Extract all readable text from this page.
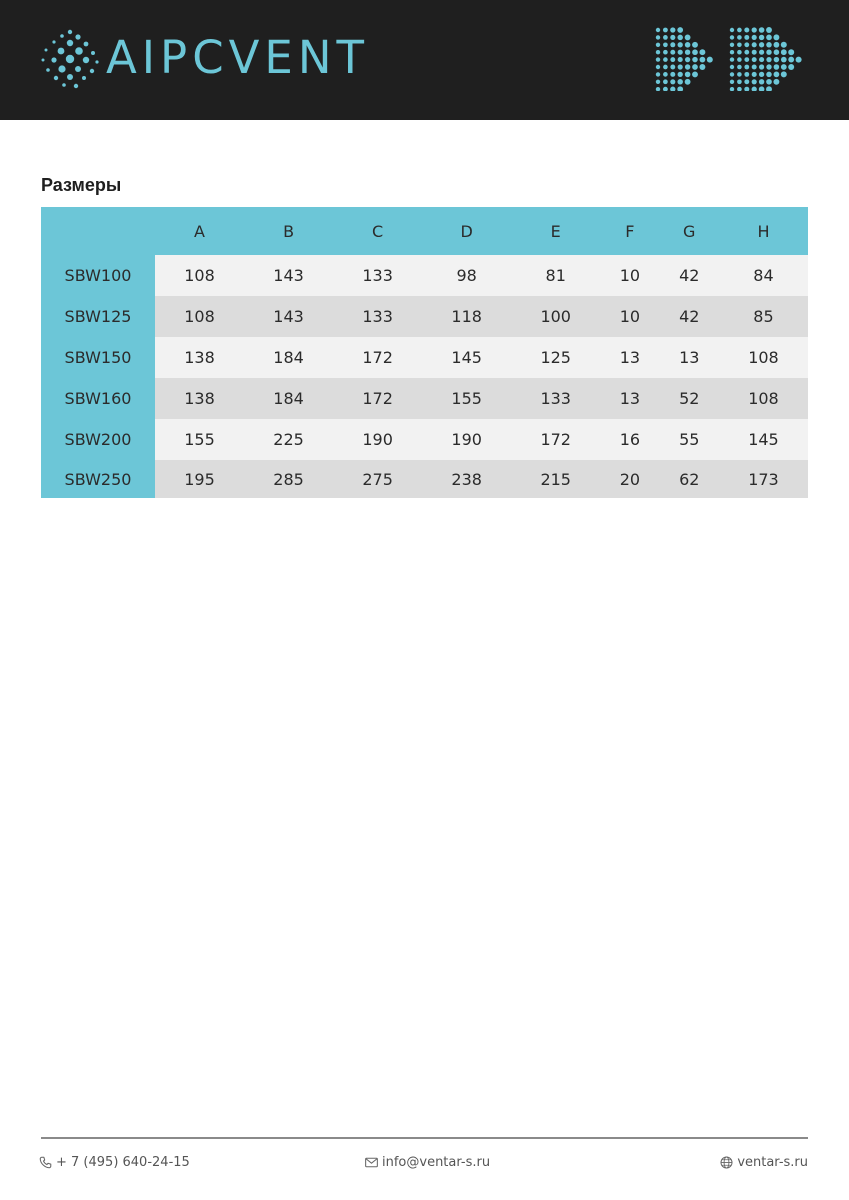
AIPCVENT
Размеры
	A	B	C	D	E	F	G	H
SBW100	108	143	133	98	81	10	42	84
SBW125	108	143	133	118	100	10	42	85
SBW150	138	184	172	145	125	13	13	108
SBW160	138	184	172	155	133	13	52	108
SBW200	155	225	190	190	172	16	55	145
SBW250	195	285	275	238	215	20	62	173
+ 7 (495) 640-24-15	info@ventar-s.ru	ventar-s.ru
